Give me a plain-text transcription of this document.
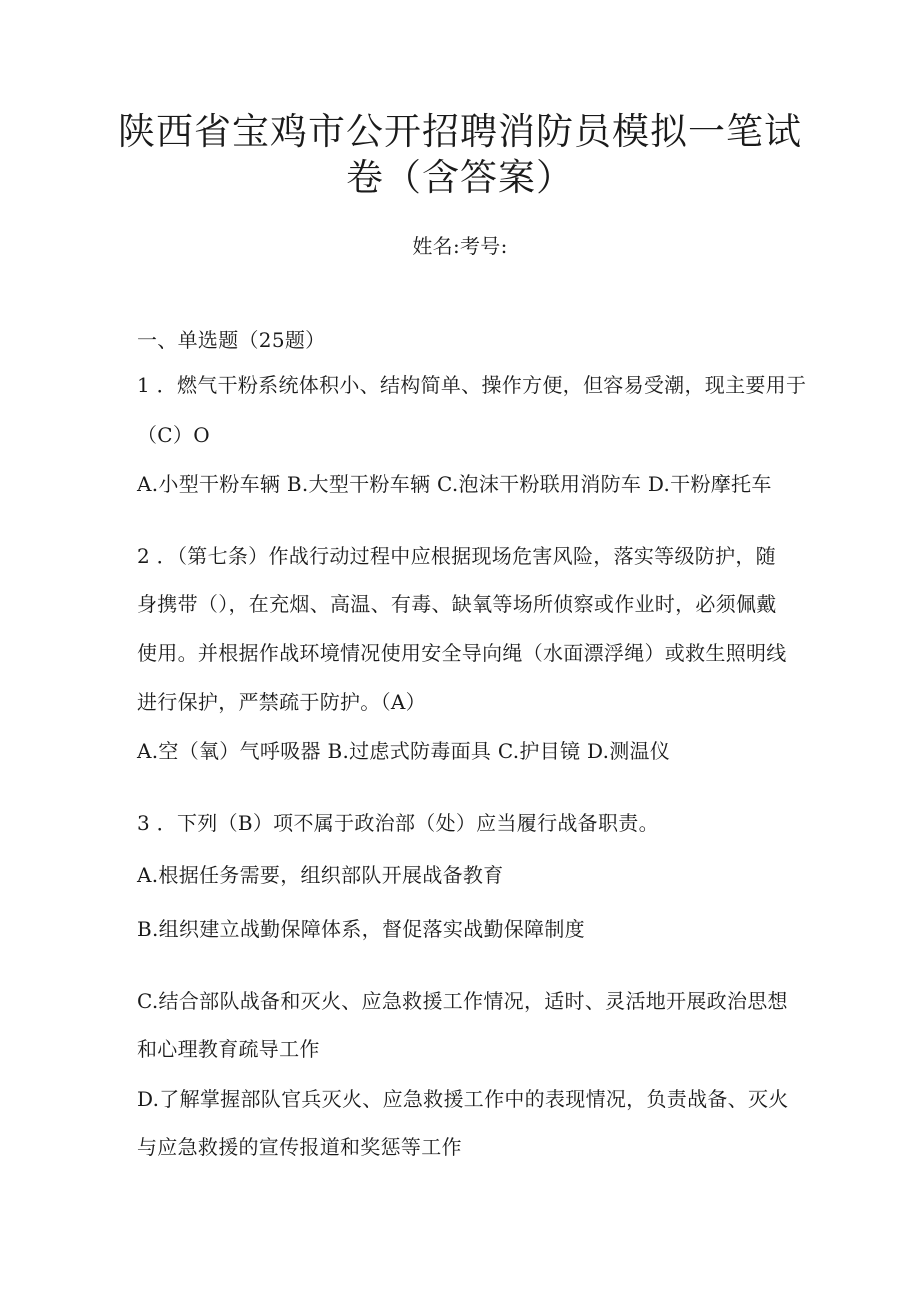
陕西省宝鸡市公开招聘消防员模拟一笔试
卷（含答案）
姓名:考号:
一、单选题（25题）
1 ．燃气干粉系统体积小、结构简单、操作方便，但容易受潮，现主要用于
（C）O
A.小型干粉车辆 B.大型干粉车辆 C.泡沫干粉联用消防车 D.干粉摩托车
2 ．（第七条）作战行动过程中应根据现场危害风险，落实等级防护，随
身携带（），在充烟、高温、有毒、缺氧等场所侦察或作业时，必须佩戴
使用。并根据作战环境情况使用安全导向绳（水面漂浮绳）或救生照明线
进行保护，严禁疏于防护。（A）
A.空（氧）气呼吸器 B.过虑式防毒面具 C.护目镜 D.测温仪
3 ．下列（B）项不属于政治部（处）应当履行战备职责。
A.根据任务需要，组织部队开展战备教育
B.组织建立战勤保障体系，督促落实战勤保障制度
C.结合部队战备和灭火、应急救援工作情况，适时、灵活地开展政治思想
和心理教育疏导工作
D.了解掌握部队官兵灭火、应急救援工作中的表现情况，负责战备、灭火
与应急救援的宣传报道和奖惩等工作
